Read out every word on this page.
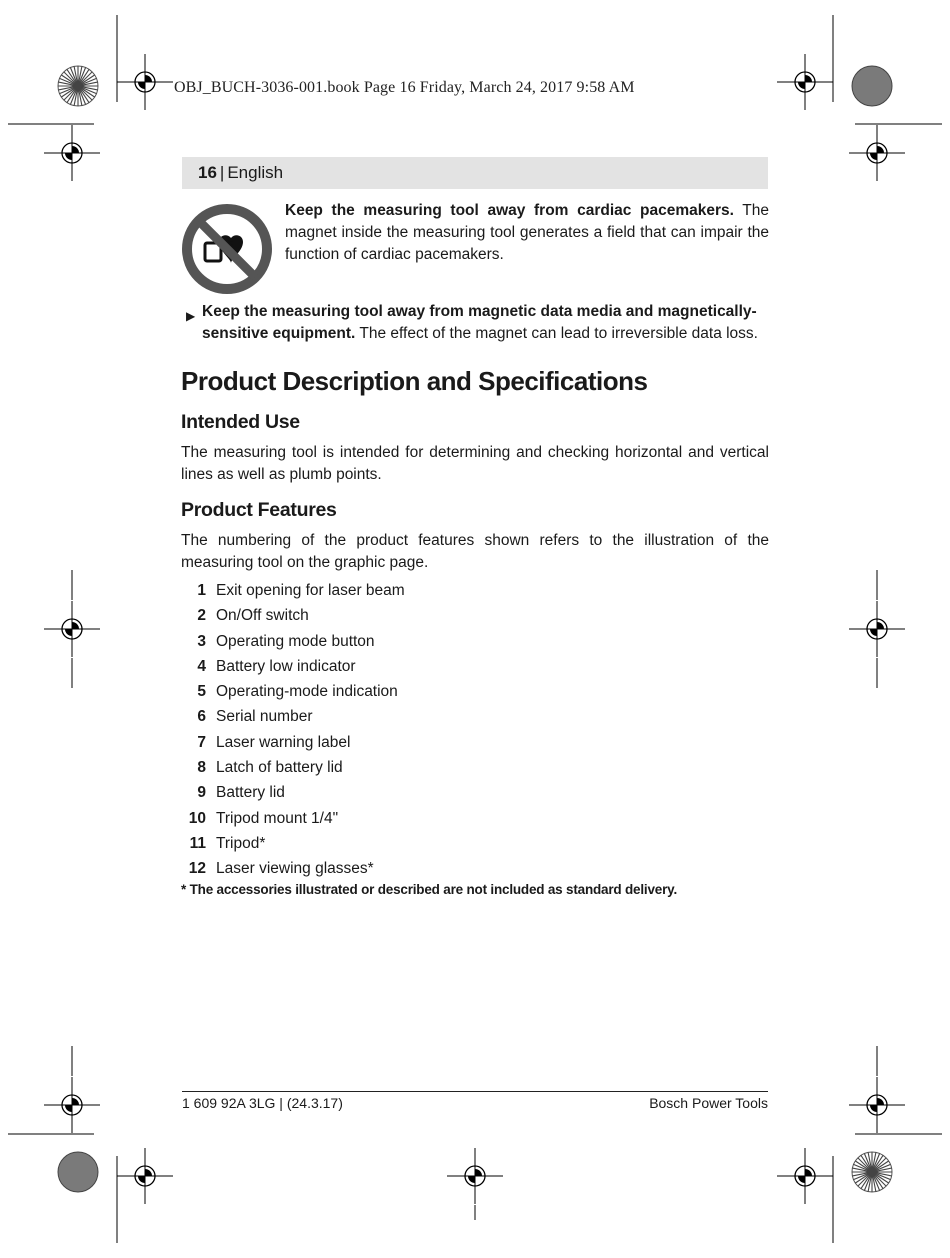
OBJ_BUCH-3036-001.book Page 16 Friday, March 24, 2017 9:58 AM
16 | English
Keep the measuring tool away from cardiac pacemakers. The magnet inside the measuring tool generates a field that can impair the function of cardiac pacemakers.
▶ Keep the measuring tool away from magnetic data media and magnetically-sensitive equipment. The effect of the magnet can lead to irreversible data loss.
Product Description and Specifications
Intended Use
The measuring tool is intended for determining and checking horizontal and vertical lines as well as plumb points.
Product Features
The numbering of the product features shown refers to the illustration of the measuring tool on the graphic page.
1 Exit opening for laser beam
2 On/Off switch
3 Operating mode button
4 Battery low indicator
5 Operating-mode indication
6 Serial number
7 Laser warning label
8 Latch of battery lid
9 Battery lid
10 Tripod mount 1/4"
11 Tripod*
12 Laser viewing glasses*
* The accessories illustrated or described are not included as standard delivery.
1 609 92A 3LG | (24.3.17)	Bosch Power Tools
